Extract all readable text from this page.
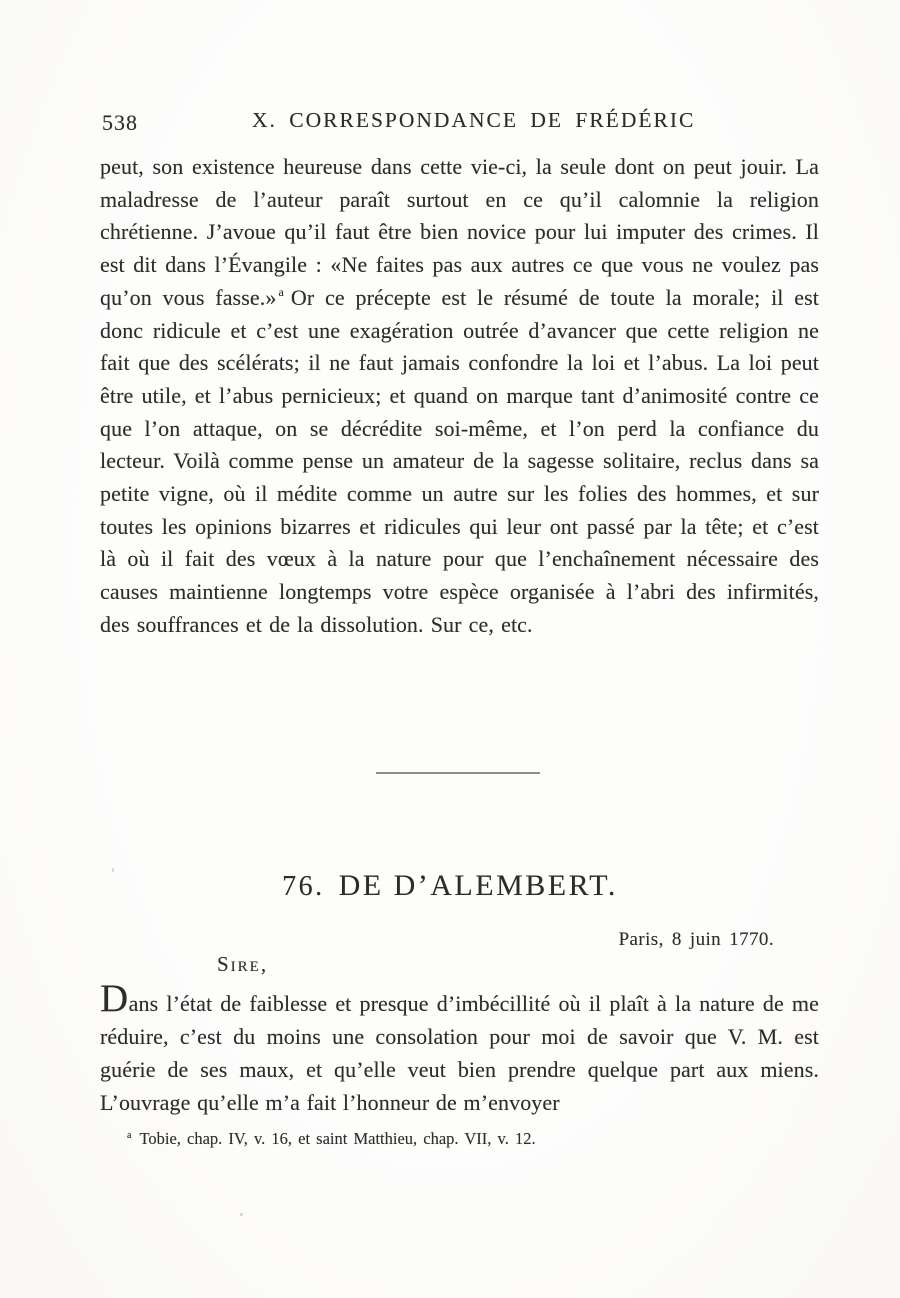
538	X. CORRESPONDANCE DE FRÉDÉRIC

peut, son existence heureuse dans cette vie-ci, la seule dont on peut jouir. La maladresse de l’auteur paraît surtout en ce qu’il calomnie la religion chrétienne. J’avoue qu’il faut être bien novice pour lui imputer des crimes. Il est dit dans l’Évangile : «Ne faites pas aux autres ce que vous ne voulez pas qu’on vous fasse.» $^a$ Or ce précepte est le résumé de toute la morale; il est donc ridicule et c’est une exagération outrée d’avancer que cette religion ne fait que des scélérats; il ne faut jamais confondre la loi et l’abus. La loi peut être utile, et l’abus pernicieux; et quand on marque tant d’animosité contre ce que l’on attaque, on se décrédite soi-même, et l’on perd la confiance du lecteur. Voilà comme pense un amateur de la sagesse solitaire, reclus dans sa petite vigne, où il médite comme un autre sur les folies des hommes, et sur toutes les opinions bizarres et ridicules qui leur ont passé par la tête; et c’est là où il fait des vœux à la nature pour que l’enchaînement nécessaire des causes maintienne longtemps votre espèce organisée à l’abri des infirmités, des souffrances et de la dissolution. Sur ce, etc.

76. DE D’ALEMBERT.
Paris, 8 juin 1770.
Sire,

Dans l’état de faiblesse et presque d’imbécillité où il plaît à la nature de me réduire, c’est du moins une consolation pour moi de savoir que V. M. est guérie de ses maux, et qu’elle veut bien prendre quelque part aux miens. L’ouvrage qu’elle m’a fait l’honneur de m’envoyer

$^a$ Tobie, chap. IV, v. 16, et saint Matthieu, chap. VII, v. 12.
